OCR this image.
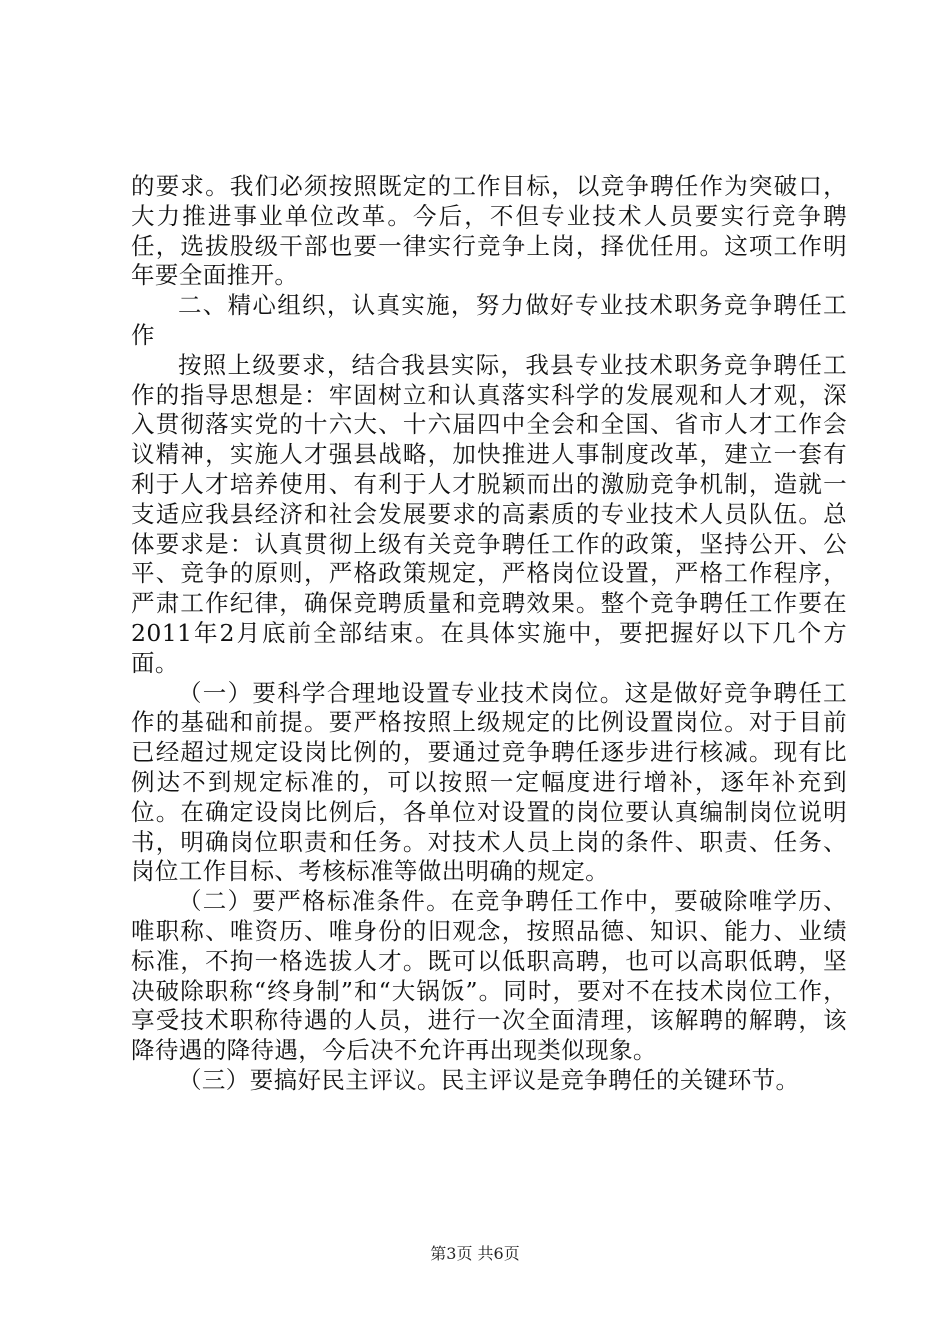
的要求。我们必须按照既定的工作目标，以竞争聘任作为突破口，大力推进事业单位改革。今后，不但专业技术人员要实行竞争聘任，选拔股级干部也要一律实行竞争上岗，择优任用。这项工作明年要全面推开。

二、精心组织，认真实施，努力做好专业技术职务竞争聘任工作

按照上级要求，结合我县实际，我县专业技术职务竞争聘任工作的指导思想是：牢固树立和认真落实科学的发展观和人才观，深入贯彻落实党的十六大、十六届四中全会和全国、省市人才工作会议精神，实施人才强县战略，加快推进人事制度改革，建立一套有利于人才培养使用、有利于人才脱颖而出的激励竞争机制，造就一支适应我县经济和社会发展要求的高素质的专业技术人员队伍。总体要求是：认真贯彻上级有关竞争聘任工作的政策，坚持公开、公平、竞争的原则，严格政策规定，严格岗位设置，严格工作程序，严肃工作纪律，确保竞聘质量和竞聘效果。整个竞争聘任工作要在2011年2月底前全部结束。在具体实施中，要把握好以下几个方面。

（一）要科学合理地设置专业技术岗位。这是做好竞争聘任工作的基础和前提。要严格按照上级规定的比例设置岗位。对于目前已经超过规定设岗比例的，要通过竞争聘任逐步进行核减。现有比例达不到规定标准的，可以按照一定幅度进行增补，逐年补充到位。在确定设岗比例后，各单位对设置的岗位要认真编制岗位说明书，明确岗位职责和任务。对技术人员上岗的条件、职责、任务、岗位工作目标、考核标准等做出明确的规定。

（二）要严格标准条件。在竞争聘任工作中，要破除唯学历、唯职称、唯资历、唯身份的旧观念，按照品德、知识、能力、业绩标准，不拘一格选拔人才。既可以低职高聘，也可以高职低聘，坚决破除职称“终身制”和“大锅饭”。同时，要对不在技术岗位工作，享受技术职称待遇的人员，进行一次全面清理，该解聘的解聘，该降待遇的降待遇，今后决不允许再出现类似现象。

（三）要搞好民主评议。民主评议是竞争聘任的关键环节。

第3页 共6页
